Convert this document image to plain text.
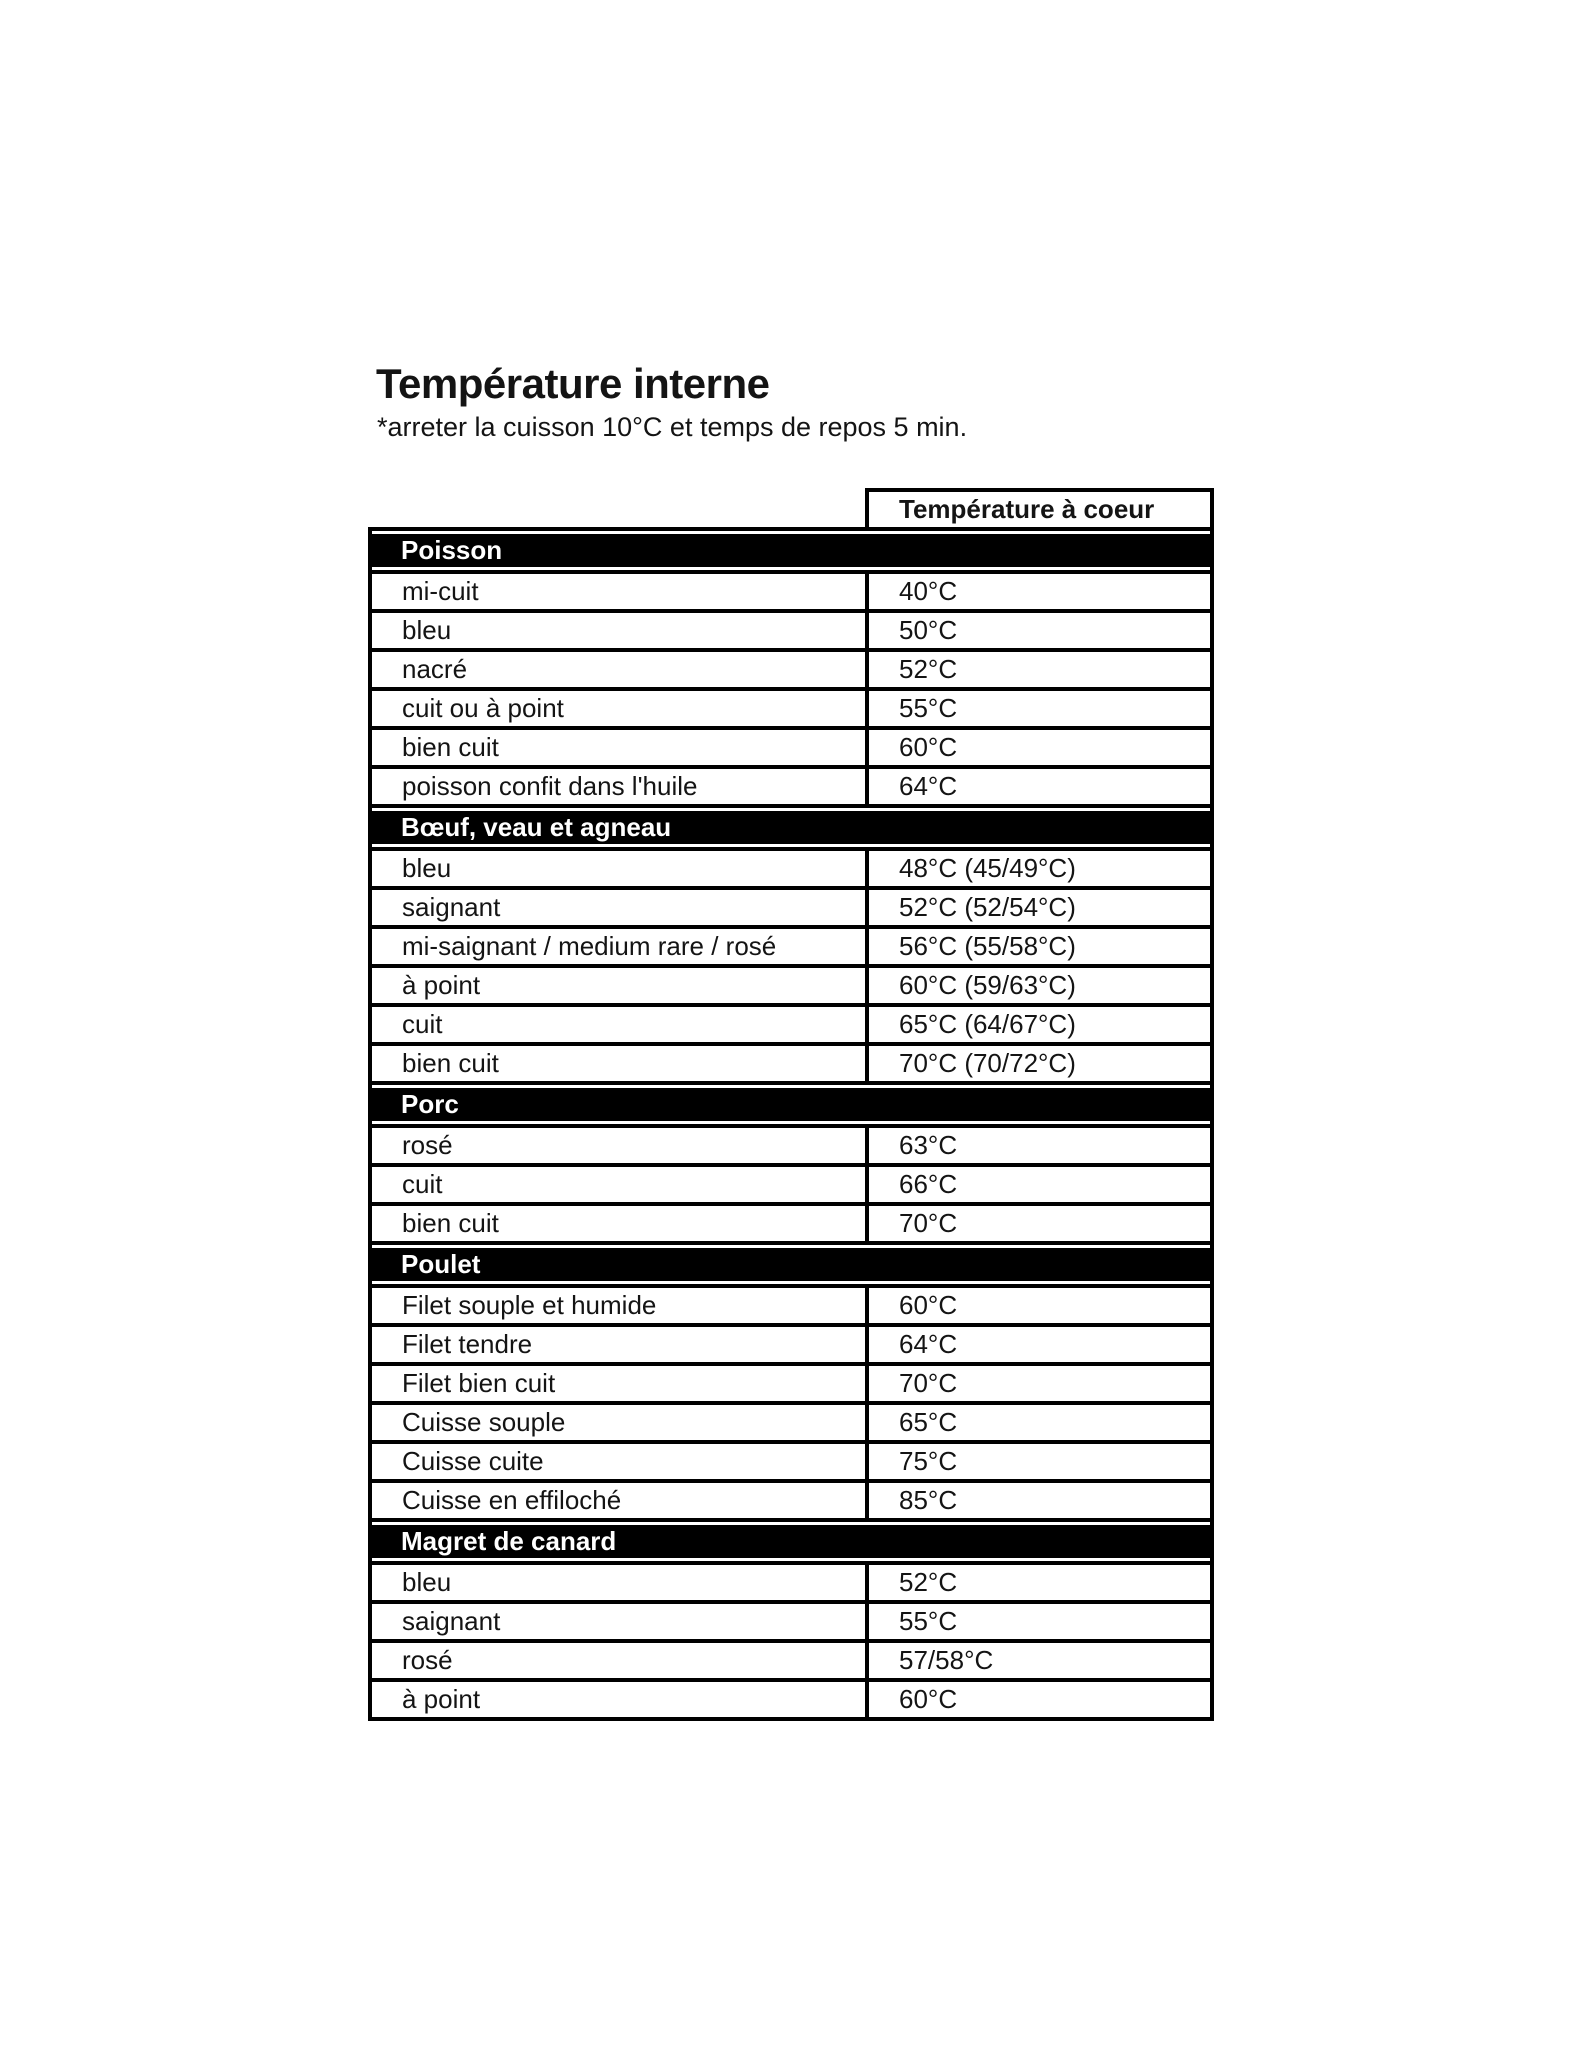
Température interne

*arreter la cuisson 10°C et temps de repos 5 min.

	Température à coeur

Poisson	

mi-cuit	40°C
bleu	50°C
nacré	52°C
cuit ou à point	55°C
bien cuit	60°C
poisson confit dans l'huile	64°C

Bœuf, veau et agneau	

bleu	48°C (45/49°C)
saignant	52°C (52/54°C)
mi-saignant / medium rare / rosé	56°C (55/58°C)
à point	60°C (59/63°C)
cuit	65°C (64/67°C)
bien cuit	70°C (70/72°C)

Porc	

rosé	63°C
cuit	66°C
bien cuit	70°C

Poulet	

Filet souple et humide	60°C
Filet tendre	64°C
Filet bien cuit	70°C
Cuisse souple	65°C
Cuisse cuite	75°C
Cuisse en effiloché	85°C

Magret de canard	

bleu	52°C
saignant	55°C
rosé	57/58°C
à point	60°C
